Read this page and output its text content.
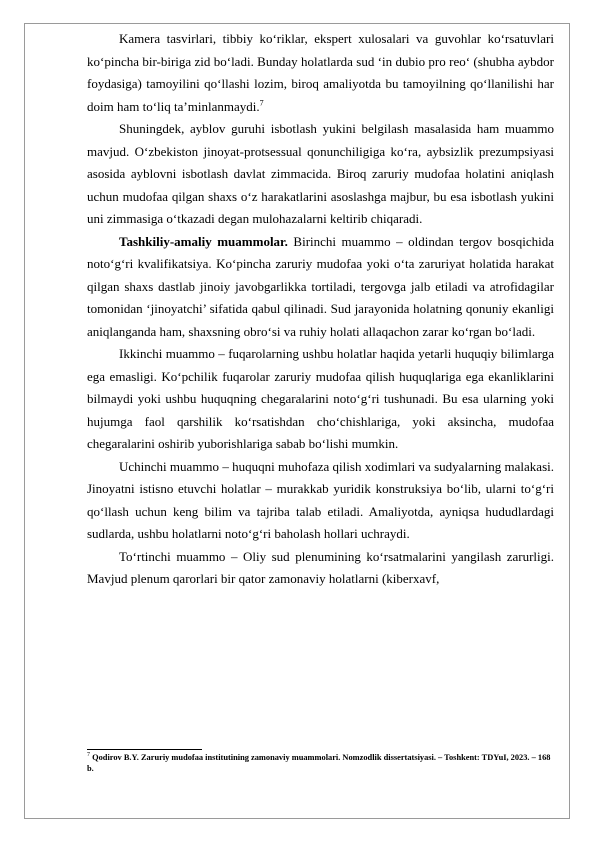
Kamera tasvirlari, tibbiy ko‘riklar, ekspert xulosalari va guvohlar ko‘rsatuvlari ko‘pincha bir-biriga zid bo‘ladi. Bunday holatlarda sud ‘in dubio pro reo‘ (shubha aybdor foydasiga) tamoyilini qo‘llashi lozim, biroq amaliyotda bu tamoyilning qo‘llanilishi har doim ham to‘liq ta’minlanmaydi.$^7$

Shuningdek, ayblov guruhi isbotlash yukini belgilash masalasida ham muammo mavjud. O‘zbekiston jinoyat-protsessual qonunchiligiga ko‘ra, aybsizlik prezumpsiyasi asosida ayblovni isbotlash davlat zimmacida. Biroq zaruriy mudofaa holatini aniqlash uchun mudofaa qilgan shaxs o‘z harakatlarini asoslashga majbur, bu esa isbotlash yukini uni zimmasiga o‘tkazadi degan mulohazalarni keltirib chiqaradi.

Tashkiliy-amaliy muammolar. Birinchi muammo – oldindan tergov bosqichida noto‘g‘ri kvalifikatsiya. Ko‘pincha zaruriy mudofaa yoki o‘ta zaruriyat holatida harakat qilgan shaxs dastlab jinoiy javobgarlikka tortiladi, tergovga jalb etiladi va atrofidagilar tomonidan ‘jinoyatchi’ sifatida qabul qilinadi. Sud jarayonida holatning qonuniy ekanligi aniqlanganda ham, shaxsning obro‘si va ruhiy holati allaqachon zarar ko‘rgan bo‘ladi.

Ikkinchi muammo – fuqarolarning ushbu holatlar haqida yetarli huquqiy bilimlarga ega emasligi. Ko‘pchilik fuqarolar zaruriy mudofaa qilish huquqlariga ega ekanliklarini bilmaydi yoki ushbu huquqning chegaralarini noto‘g‘ri tushunadi. Bu esa ularning yoki hujumga faol qarshilik ko‘rsatishdan cho‘chishlariga, yoki aksincha, mudofaa chegaralarini oshirib yuborishlariga sabab bo‘lishi mumkin.

Uchinchi muammo – huquqni muhofaza qilish xodimlari va sudyalarning malakasi. Jinoyatni istisno etuvchi holatlar – murakkab yuridik konstruksiya bo‘lib, ularni to‘g‘ri qo‘llash uchun keng bilim va tajriba talab etiladi. Amaliyotda, ayniqsa hududlardagi sudlarda, ushbu holatlarni noto‘g‘ri baholash hollari uchraydi.

To‘rtinchi muammo – Oliy sud plenumining ko‘rsatmalarini yangilash zarurligi. Mavjud plenum qarorlari bir qator zamonaviy holatlarni (kiberxavf,

$^7$ Qodirov B.Y. Zaruriy mudofaa institutining zamonaviy muammolari. Nomzodlik dissertatsiyasi. – Toshkent: TDYuI, 2023. – 168 b.
